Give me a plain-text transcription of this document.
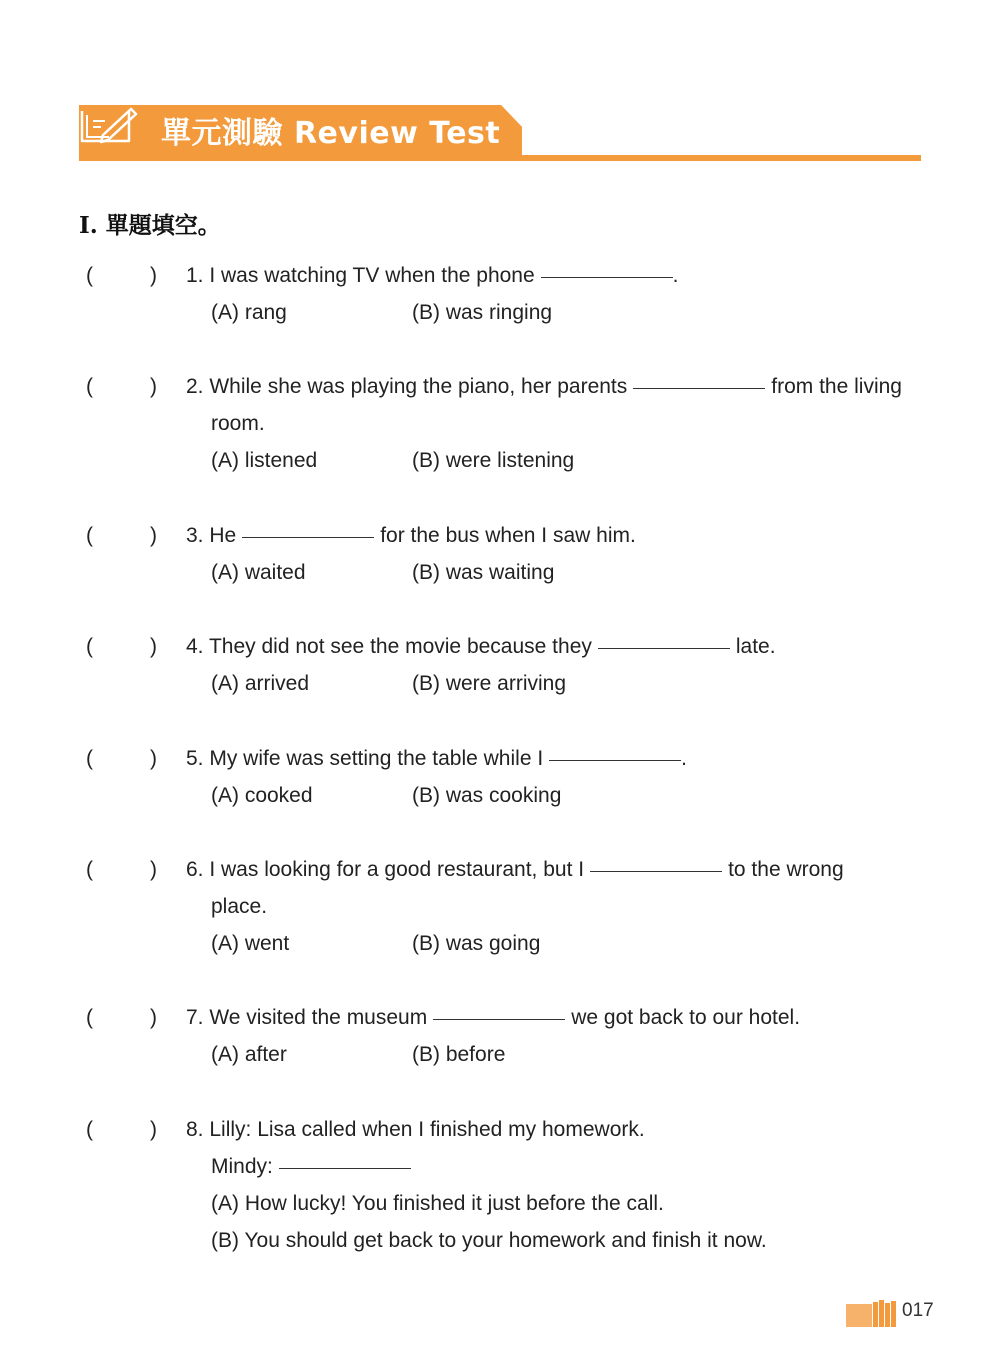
單元測驗 Review Test
I. 單題填空。
(	) 1. I was watching TV when the phone	.
(A) rang	(B) was ringing
(	) 2. While she was playing the piano, her parents	from the living
room.
(A) listened	(B) were listening
(	) 3. He	for the bus when I saw him.
(A) waited	(B) was waiting
(	) 4. They did not see the movie because they	late.
(A) arrived	(B) were arriving
(	) 5. My wife was setting the table while I	.
(A) cooked	(B) was cooking
(	) 6. I was looking for a good restaurant, but I	to the wrong
place.
(A) went	(B) was going
(	) 7. We visited the museum	we got back to our hotel.
(A) after	(B) before
(	) 8. Lilly: Lisa called when I finished my homework.
Mindy:
(A) How lucky! You finished it just before the call.
(B) You should get back to your homework and finish it now.
017
